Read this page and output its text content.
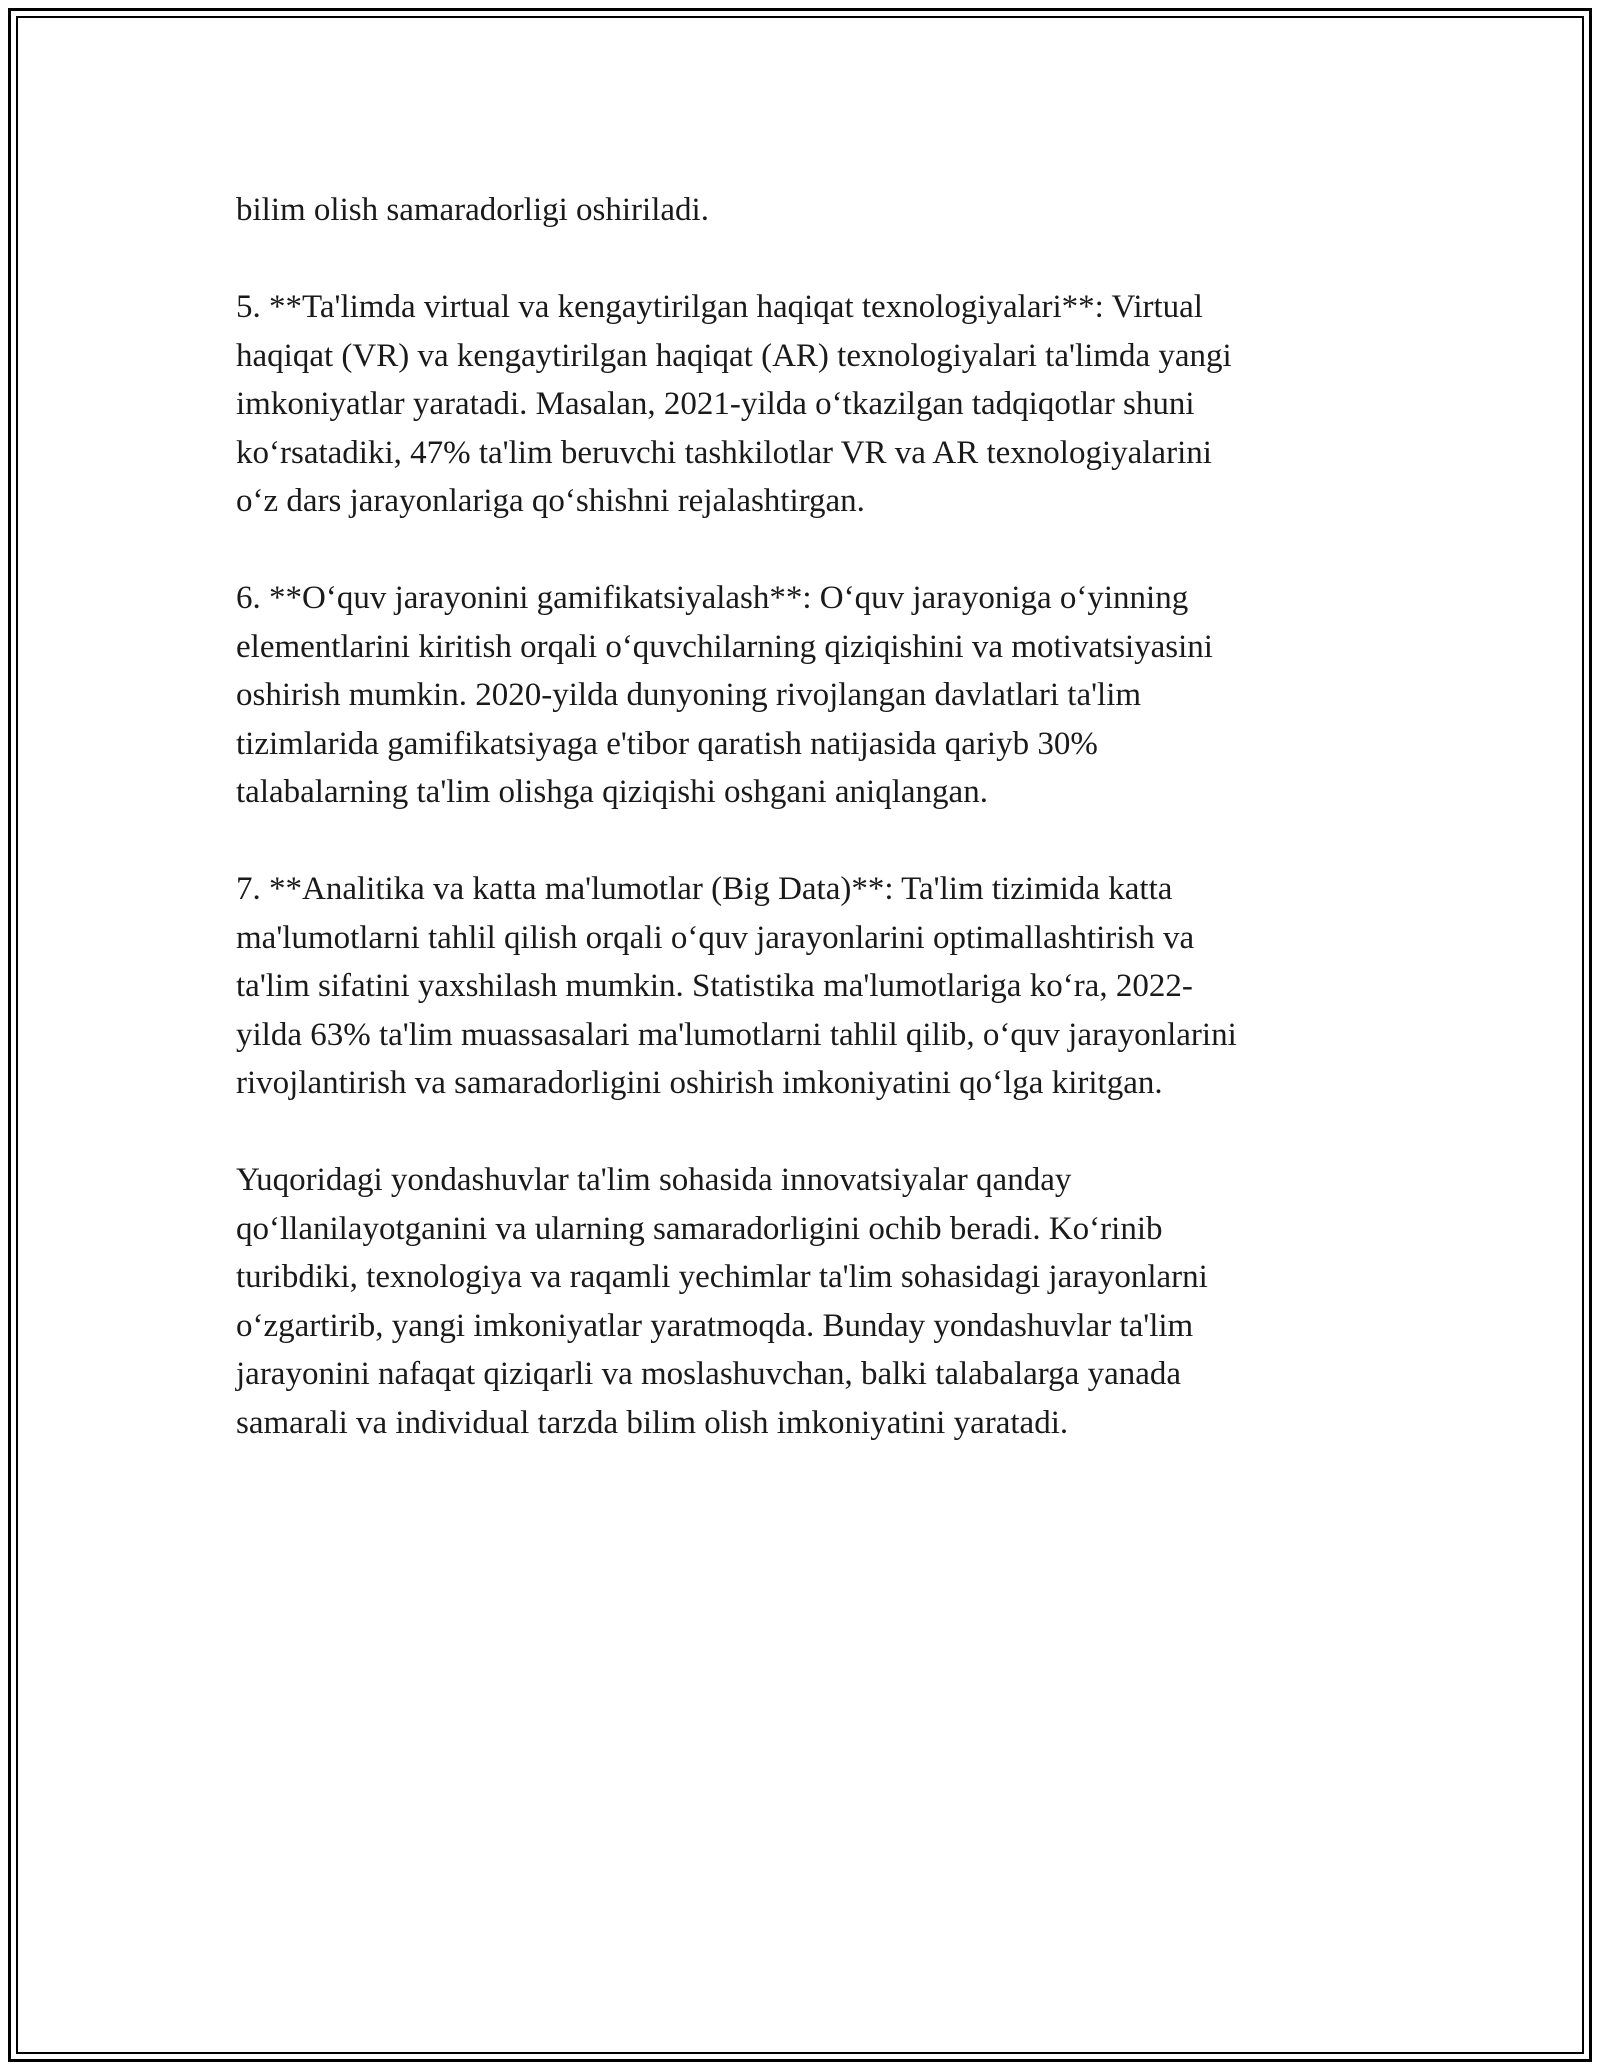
bilim olish samaradorligi oshiriladi.
5. **Ta'limda virtual va kengaytirilgan haqiqat texnologiyalari**: Virtual
haqiqat (VR) va kengaytirilgan haqiqat (AR) texnologiyalari ta'limda yangi
imkoniyatlar yaratadi. Masalan, 2021-yilda o‘tkazilgan tadqiqotlar shuni
ko‘rsatadiki, 47% ta'lim beruvchi tashkilotlar VR va AR texnologiyalarini
o‘z dars jarayonlariga qo‘shishni rejalashtirgan.
6. **O‘quv jarayonini gamifikatsiyalash**: O‘quv jarayoniga o‘yinning
elementlarini kiritish orqali o‘quvchilarning qiziqishini va motivatsiyasini
oshirish mumkin. 2020-yilda dunyoning rivojlangan davlatlari ta'lim
tizimlarida gamifikatsiyaga e'tibor qaratish natijasida qariyb 30%
talabalarning ta'lim olishga qiziqishi oshgani aniqlangan.
7. **Analitika va katta ma'lumotlar (Big Data)**: Ta'lim tizimida katta
ma'lumotlarni tahlil qilish orqali o‘quv jarayonlarini optimallashtirish va
ta'lim sifatini yaxshilash mumkin. Statistika ma'lumotlariga ko‘ra, 2022-
yilda 63% ta'lim muassasalari ma'lumotlarni tahlil qilib, o‘quv jarayonlarini
rivojlantirish va samaradorligini oshirish imkoniyatini qo‘lga kiritgan.
Yuqoridagi yondashuvlar ta'lim sohasida innovatsiyalar qanday
qo‘llanilayotganini va ularning samaradorligini ochib beradi. Ko‘rinib
turibdiki, texnologiya va raqamli yechimlar ta'lim sohasidagi jarayonlarni
o‘zgartirib, yangi imkoniyatlar yaratmoqda. Bunday yondashuvlar ta'lim
jarayonini nafaqat qiziqarli va moslashuvchan, balki talabalarga yanada
samarali va individual tarzda bilim olish imkoniyatini yaratadi.
